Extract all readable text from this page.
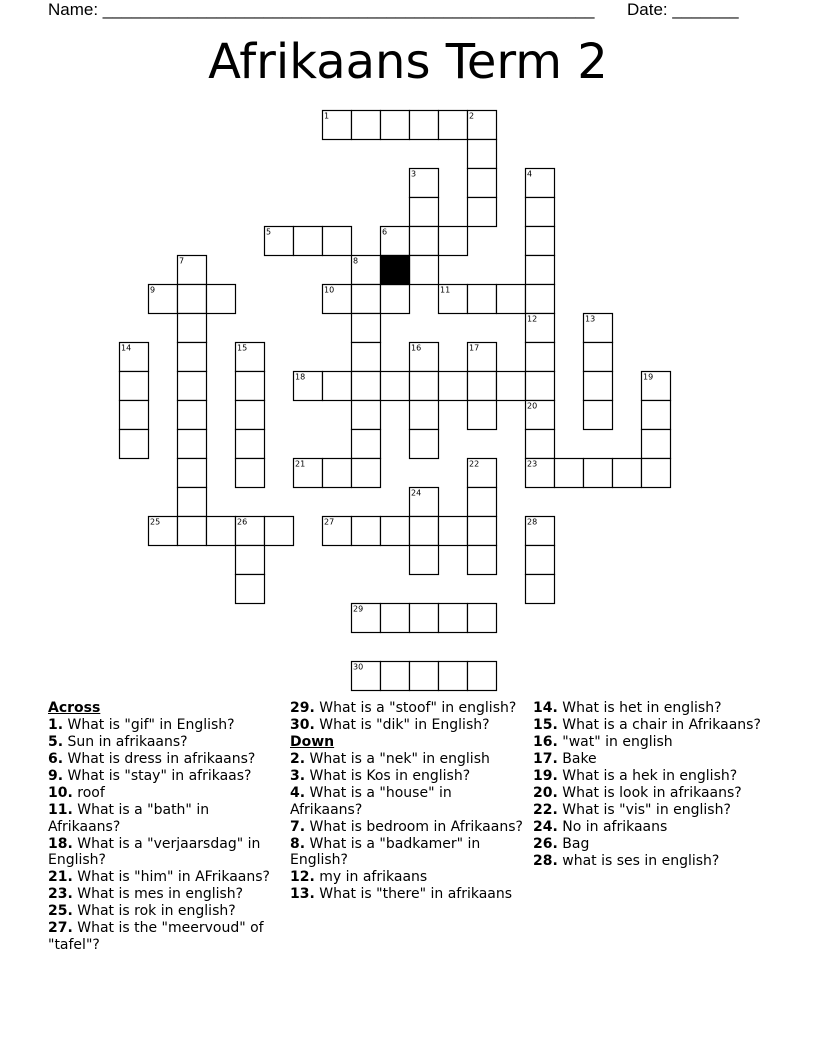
Name: ____________________________________________________ Date: _______
Afrikaans Term 2
1	2
3	4
5	6
7	8
9	10	11
12	13
14	15	16	17
18	19
20
21	22	23
24
25	26	27	28
29
30
Across
1. What is "gif" in English?
5. Sun in afrikaans?
6. What is dress in afrikaans?
9. What is "stay" in afrikaas?
10. roof
11. What is a "bath" in Afrikaans?
18. What is a "verjaarsdag" in English?
21. What is "him" in AFrikaans?
23. What is mes in english?
25. What is rok in english?
27. What is the "meervoud" of "tafel"?
29. What is a "stoof" in english?
30. What is "dik" in English?
Down
2. What is a "nek" in english
3. What is Kos in english?
4. What is a "house" in Afrikaans?
7. What is bedroom in Afrikaans?
8. What is a "badkamer" in English?
12. my in afrikaans
13. What is "there" in afrikaans
14. What is het in english?
15. What is a chair in Afrikaans?
16. "wat" in english
17. Bake
19. What is a hek in english?
20. What is look in afrikaans?
22. What is "vis" in english?
24. No in afrikaans
26. Bag
28. what is ses in english?
